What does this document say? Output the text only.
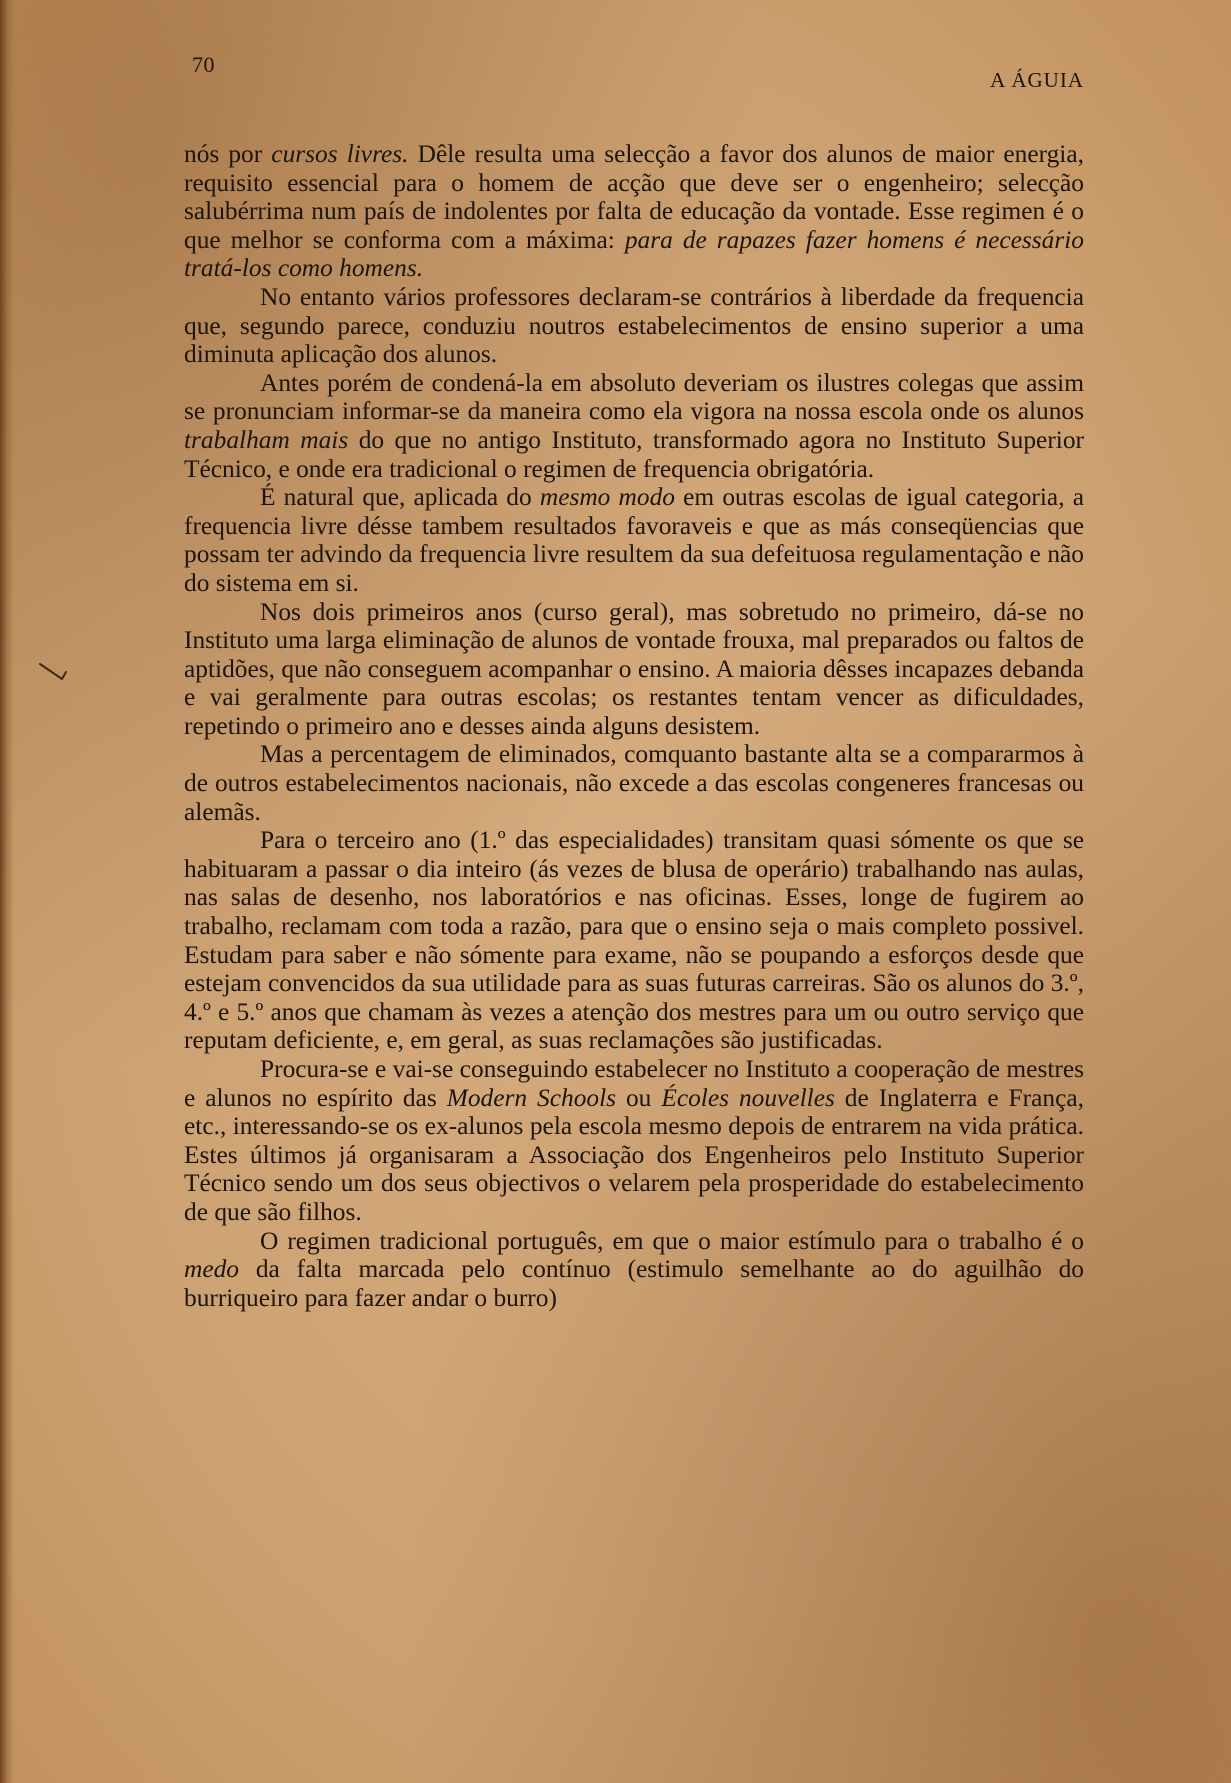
70
A ÁGUIA

nós por cursos livres. Dêle resulta uma selecção a favor dos alunos de maior energia, requisito essencial para o homem de acção que deve ser o engenheiro; selecção salubérrima num país de indolentes por falta de educação da vontade. Esse regimen é o que melhor se conforma com a máxima: para de rapazes fazer homens é necessário tratá-los como homens.

No entanto vários professores declaram-se contrários à liberdade da frequencia que, segundo parece, conduziu noutros estabelecimentos de ensino superior a uma diminuta aplicação dos alunos.

Antes porém de condená-la em absoluto deveriam os ilustres colegas que assim se pronunciam informar-se da maneira como ela vigora na nossa escola onde os alunos trabalham mais do que no antigo Instituto, transformado agora no Instituto Superior Técnico, e onde era tradicional o regimen de frequencia obrigatória.

É natural que, aplicada do mesmo modo em outras escolas de igual categoria, a frequencia livre désse tambem resultados favoraveis e que as más conseqüencias que possam ter advindo da frequencia livre resultem da sua defeituosa regulamentação e não do sistema em si.

Nos dois primeiros anos (curso geral), mas sobretudo no primeiro, dá-se no Instituto uma larga eliminação de alunos de vontade frouxa, mal preparados ou faltos de aptidões, que não conseguem acompanhar o ensino. A maioria dêsses incapazes debanda e vai geralmente para outras escolas; os restantes tentam vencer as dificuldades, repetindo o primeiro ano e desses ainda alguns desistem.

Mas a percentagem de eliminados, comquanto bastante alta se a compararmos à de outros estabelecimentos nacionais, não excede a das escolas congeneres francesas ou alemãs.

Para o terceiro ano (1.º das especialidades) transitam quasi sómente os que se habituaram a passar o dia inteiro (ás vezes de blusa de operário) trabalhando nas aulas, nas salas de desenho, nos laboratórios e nas oficinas. Esses, longe de fugirem ao trabalho, reclamam com toda a razão, para que o ensino seja o mais completo possivel. Estudam para saber e não sómente para exame, não se poupando a esforços desde que estejam convencidos da sua utilidade para as suas futuras carreiras. São os alunos do 3.º, 4.º e 5.º anos que chamam às vezes a atenção dos mestres para um ou outro serviço que reputam deficiente, e, em geral, as suas reclamações são justificadas.

Procura-se e vai-se conseguindo estabelecer no Instituto a cooperação de mestres e alunos no espírito das Modern Schools ou Écoles nouvelles de Inglaterra e França, etc., interessando-se os ex-alunos pela escola mesmo depois de entrarem na vida prática. Estes últimos já organisaram a Associação dos Engenheiros pelo Instituto Superior Técnico sendo um dos seus objectivos o velarem pela prosperidade do estabelecimento de que são filhos.

O regimen tradicional português, em que o maior estímulo para o trabalho é o medo da falta marcada pelo contínuo (estimulo semelhante ao do aguilhão do burriqueiro para fazer andar o burro)
